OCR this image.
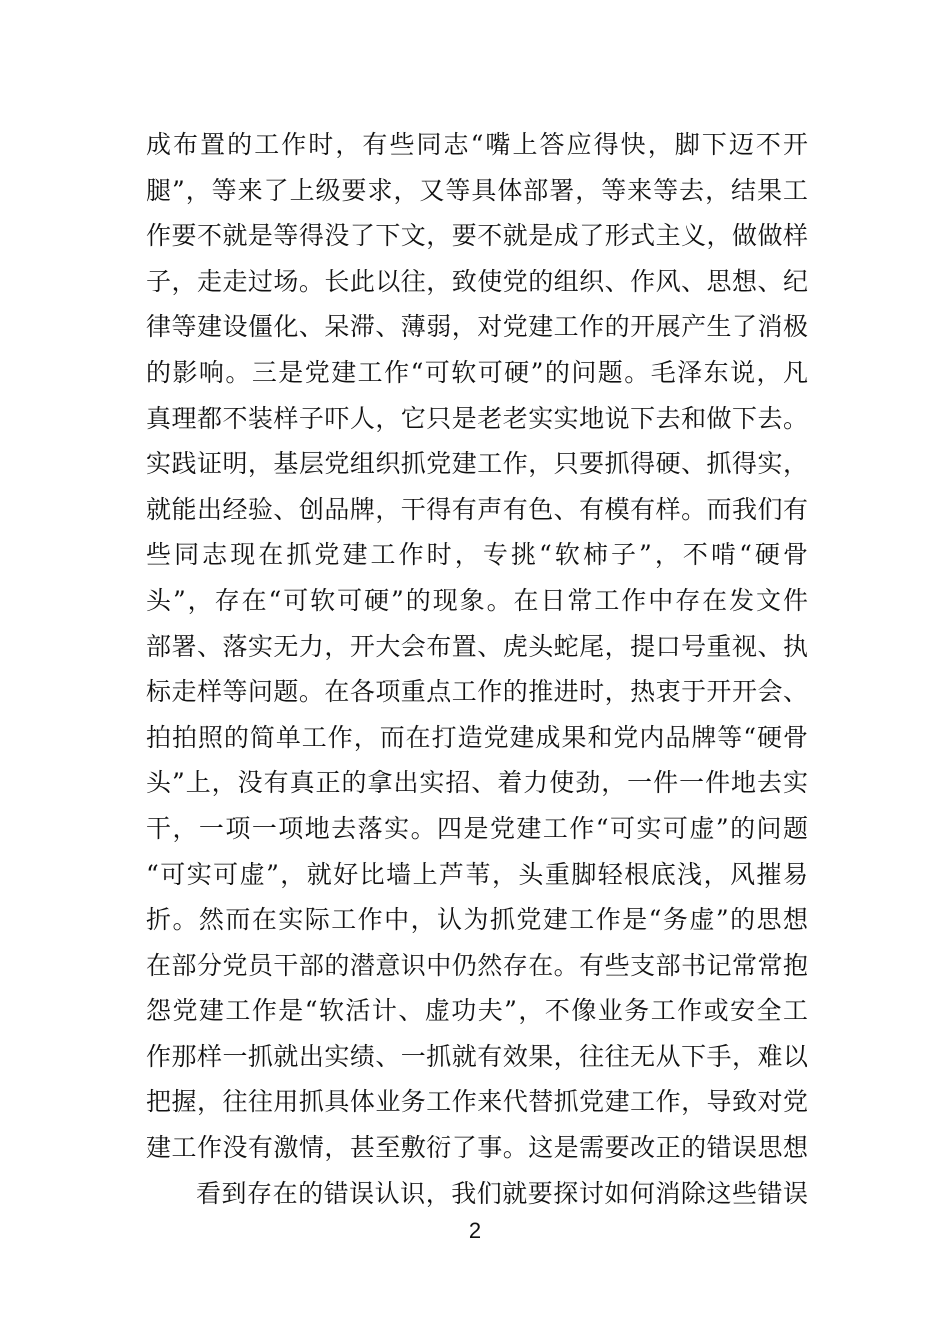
成布置的工作时，有些同志“嘴上答应得快，脚下迈不开
腿”，等来了上级要求，又等具体部署，等来等去，结果工
作要不就是等得没了下文，要不就是成了形式主义，做做样
子，走走过场。长此以往，致使党的组织、作风、思想、纪
律等建设僵化、呆滞、薄弱，对党建工作的开展产生了消极
的影响。三是党建工作“可软可硬”的问题。毛泽东说，凡
真理都不装样子吓人，它只是老老实实地说下去和做下去。
实践证明，基层党组织抓党建工作，只要抓得硬、抓得实，
就能出经验、创品牌，干得有声有色、有模有样。而我们有
些同志现在抓党建工作时，专挑“软柿子”，不啃“硬骨
头”，存在“可软可硬”的现象。在日常工作中存在发文件
部署、落实无力，开大会布置、虎头蛇尾，提口号重视、执
标走样等问题。在各项重点工作的推进时，热衷于开开会、
拍拍照的简单工作，而在打造党建成果和党内品牌等“硬骨
头”上，没有真正的拿出实招、着力使劲，一件一件地去实
干，一项一项地去落实。四是党建工作“可实可虚”的问题
“可实可虚”，就好比墙上芦苇，头重脚轻根底浅，风摧易
折。然而在实际工作中，认为抓党建工作是“务虚”的思想
在部分党员干部的潜意识中仍然存在。有些支部书记常常抱
怨党建工作是“软活计、虚功夫”，不像业务工作或安全工
作那样一抓就出实绩、一抓就有效果，往往无从下手，难以
把握，往往用抓具体业务工作来代替抓党建工作，导致对党
建工作没有激情，甚至敷衍了事。这是需要改正的错误思想
看到存在的错误认识，我们就要探讨如何消除这些错误
2
